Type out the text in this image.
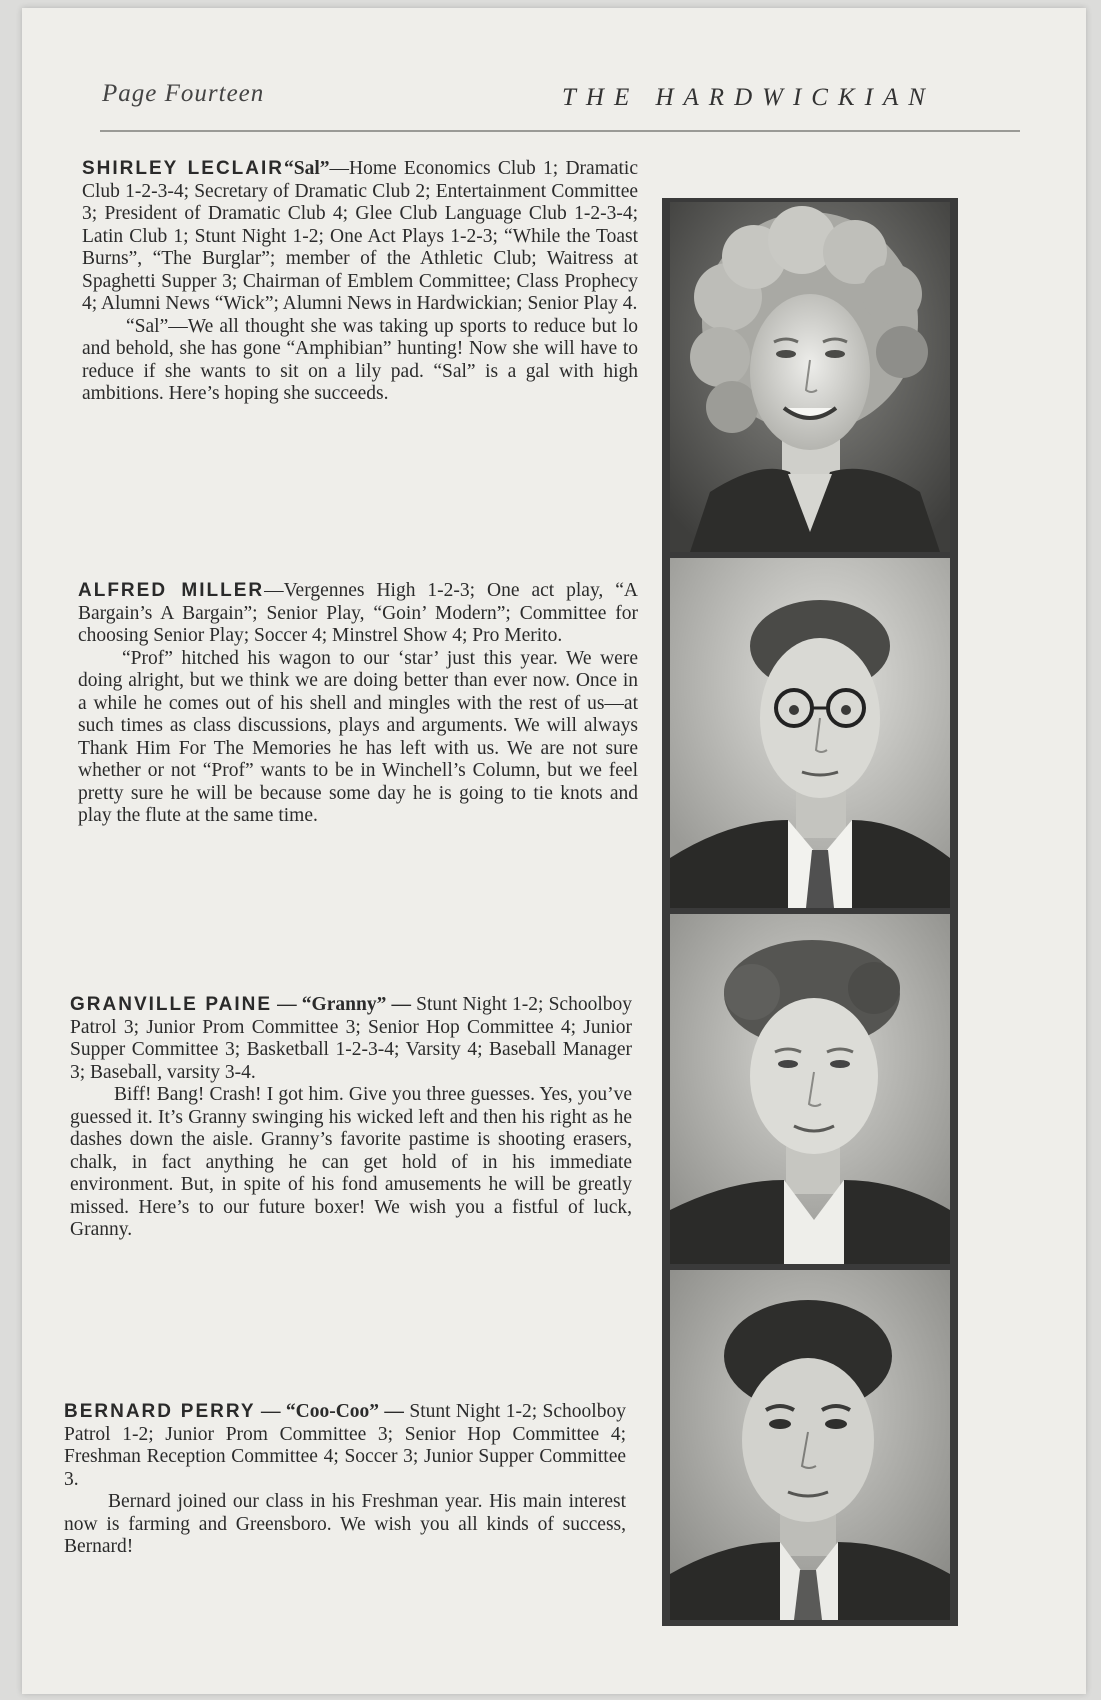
Page Fourteen	THE HARDWICKIAN

SHIRLEY LECLAIR“Sal”—Home Economics Club 1; Dramatic Club 1-2-3-4; Secretary of Dramatic Club 2; Entertainment Committee 3; President of Dramatic Club 4; Glee Club Language Club 1-2-3-4; Latin Club 1; Stunt Night 1-2; One Act Plays 1-2-3; “While the Toast Burns”, “The Burglar”; member of the Athletic Club; Waitress at Spaghetti Supper 3; Chairman of Emblem Committee; Class Prophecy 4; Alumni News “Wick”; Alumni News in Hardwickian; Senior Play 4.

“Sal”—We all thought she was taking up sports to reduce but lo and behold, she has gone “Amphibian” hunting! Now she will have to reduce if she wants to sit on a lily pad. “Sal” is a gal with high ambitions. Here’s hoping she succeeds.

ALFRED MILLER—Vergennes High 1-2-3; One act play, “A Bargain’s A Bargain”; Senior Play, “Goin’ Modern”; Committee for choosing Senior Play; Soccer 4; Minstrel Show 4; Pro Merito.

“Prof” hitched his wagon to our ‘star’ just this year. We were doing alright, but we think we are doing better than ever now. Once in a while he comes out of his shell and mingles with the rest of us—at such times as class discussions, plays and arguments. We will always Thank Him For The Memories he has left with us. We are not sure whether or not “Prof” wants to be in Winchell’s Column, but we feel pretty sure he will be because some day he is going to tie knots and play the flute at the same time.

GRANVILLE PAINE — “Granny” — Stunt Night 1-2; Schoolboy Patrol 3; Junior Prom Committee 3; Senior Hop Committee 4; Junior Supper Committee 3; Basketball 1-2-3-4; Varsity 4; Baseball Manager 3; Baseball, varsity 3-4.

Biff! Bang! Crash! I got him. Give you three guesses. Yes, you’ve guessed it. It’s Granny swinging his wicked left and then his right as he dashes down the aisle. Granny’s favorite pastime is shooting erasers, chalk, in fact anything he can get hold of in his immediate environment. But, in spite of his fond amusements he will be greatly missed. Here’s to our future boxer! We wish you a fistful of luck, Granny.

BERNARD PERRY — “Coo-Coo” — Stunt Night 1-2; Schoolboy Patrol 1-2; Junior Prom Committee 3; Senior Hop Committee 4; Freshman Reception Committee 4; Soccer 3; Junior Supper Committee 3.

Bernard joined our class in his Freshman year. His main interest now is farming and Greensboro. We wish you all kinds of success, Bernard!
